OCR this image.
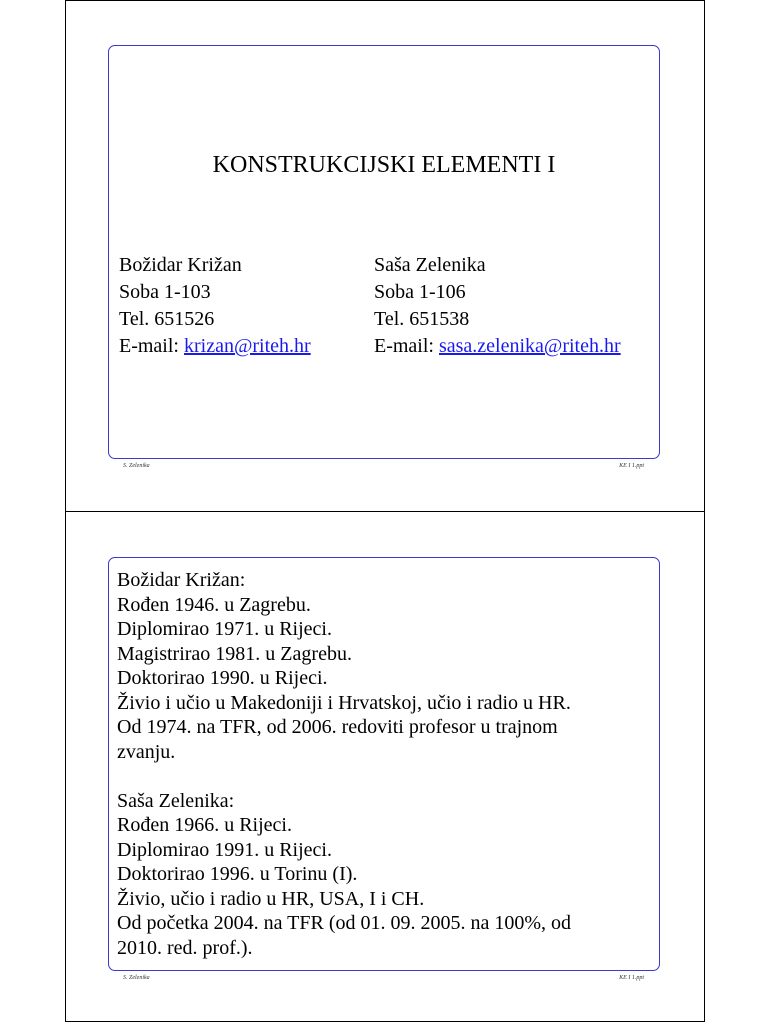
KONSTRUKCIJSKI ELEMENTI I
Božidar Križan
Soba 1-103
Tel. 651526
E-mail: krizan@riteh.hr
Saša Zelenika
Soba 1-106
Tel. 651538
E-mail: sasa.zelenika@riteh.hr
S. Zelenika	KE I 1.ppt
Božidar Križan:
Rođen 1946. u Zagrebu.
Diplomirao 1971. u Rijeci.
Magistrirao 1981. u Zagrebu.
Doktorirao 1990. u Rijeci.
Živio i učio u Makedoniji i Hrvatskoj, učio i radio u HR.
Od 1974. na TFR, od 2006. redoviti profesor u trajnom
zvanju.
Saša Zelenika:
Rođen 1966. u Rijeci.
Diplomirao 1991. u Rijeci.
Doktorirao 1996. u Torinu (I).
Živio, učio i radio u HR, USA, I i CH.
Od početka 2004. na TFR (od 01. 09. 2005. na 100%, od
2010. red. prof.).
S. Zelenika	KE I 1.ppt
